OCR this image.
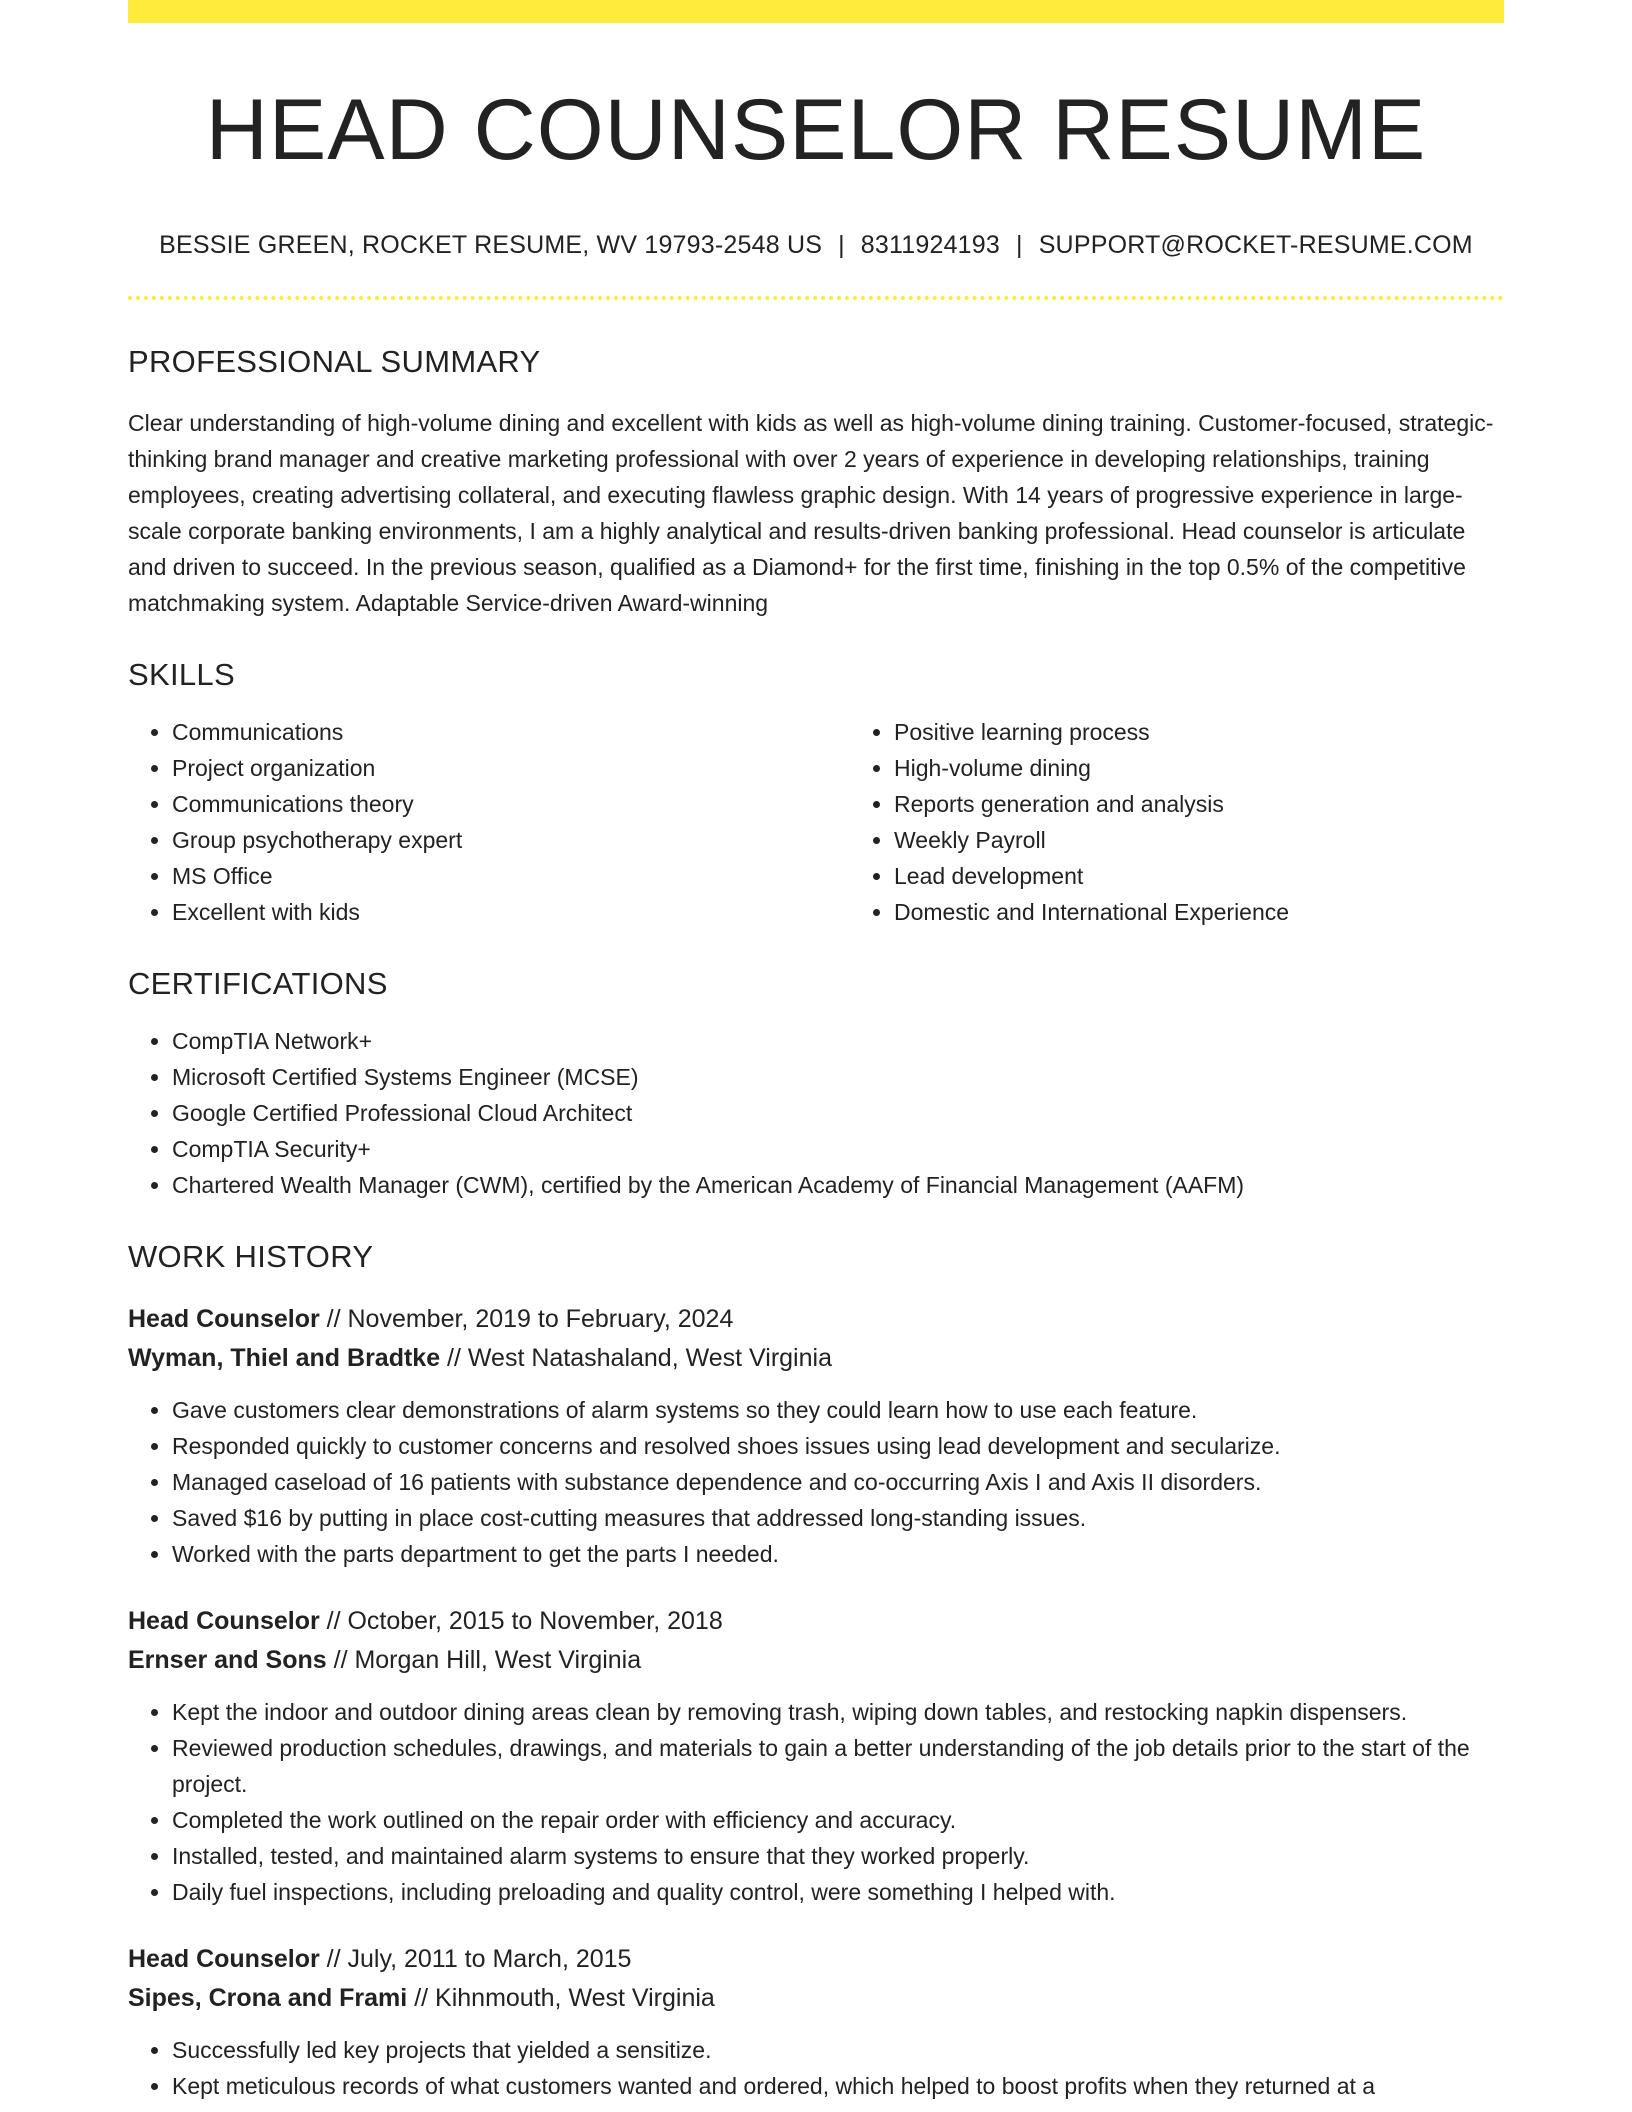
HEAD COUNSELOR RESUME
BESSIE GREEN, ROCKET RESUME, WV 19793-2548 US | 8311924193 | SUPPORT@ROCKET-RESUME.COM
PROFESSIONAL SUMMARY
Clear understanding of high-volume dining and excellent with kids as well as high-volume dining training. Customer-focused, strategic-thinking brand manager and creative marketing professional with over 2 years of experience in developing relationships, training employees, creating advertising collateral, and executing flawless graphic design. With 14 years of progressive experience in large-scale corporate banking environments, I am a highly analytical and results-driven banking professional. Head counselor is articulate and driven to succeed. In the previous season, qualified as a Diamond+ for the first time, finishing in the top 0.5% of the competitive matchmaking system. Adaptable Service-driven Award-winning
SKILLS
• Communications
• Project organization
• Communications theory
• Group psychotherapy expert
• MS Office
• Excellent with kids
• Positive learning process
• High-volume dining
• Reports generation and analysis
• Weekly Payroll
• Lead development
• Domestic and International Experience
CERTIFICATIONS
• CompTIA Network+
• Microsoft Certified Systems Engineer (MCSE)
• Google Certified Professional Cloud Architect
• CompTIA Security+
• Chartered Wealth Manager (CWM), certified by the American Academy of Financial Management (AAFM)
WORK HISTORY
Head Counselor // November, 2019 to February, 2024
Wyman, Thiel and Bradtke // West Natashaland, West Virginia
• Gave customers clear demonstrations of alarm systems so they could learn how to use each feature.
• Responded quickly to customer concerns and resolved shoes issues using lead development and secularize.
• Managed caseload of 16 patients with substance dependence and co-occurring Axis I and Axis II disorders.
• Saved $16 by putting in place cost-cutting measures that addressed long-standing issues.
• Worked with the parts department to get the parts I needed.
Head Counselor // October, 2015 to November, 2018
Ernser and Sons // Morgan Hill, West Virginia
• Kept the indoor and outdoor dining areas clean by removing trash, wiping down tables, and restocking napkin dispensers.
• Reviewed production schedules, drawings, and materials to gain a better understanding of the job details prior to the start of the project.
• Completed the work outlined on the repair order with efficiency and accuracy.
• Installed, tested, and maintained alarm systems to ensure that they worked properly.
• Daily fuel inspections, including preloading and quality control, were something I helped with.
Head Counselor // July, 2011 to March, 2015
Sipes, Crona and Frami // Kihnmouth, West Virginia
• Successfully led key projects that yielded a sensitize.
• Kept meticulous records of what customers wanted and ordered, which helped to boost profits when they returned at a
